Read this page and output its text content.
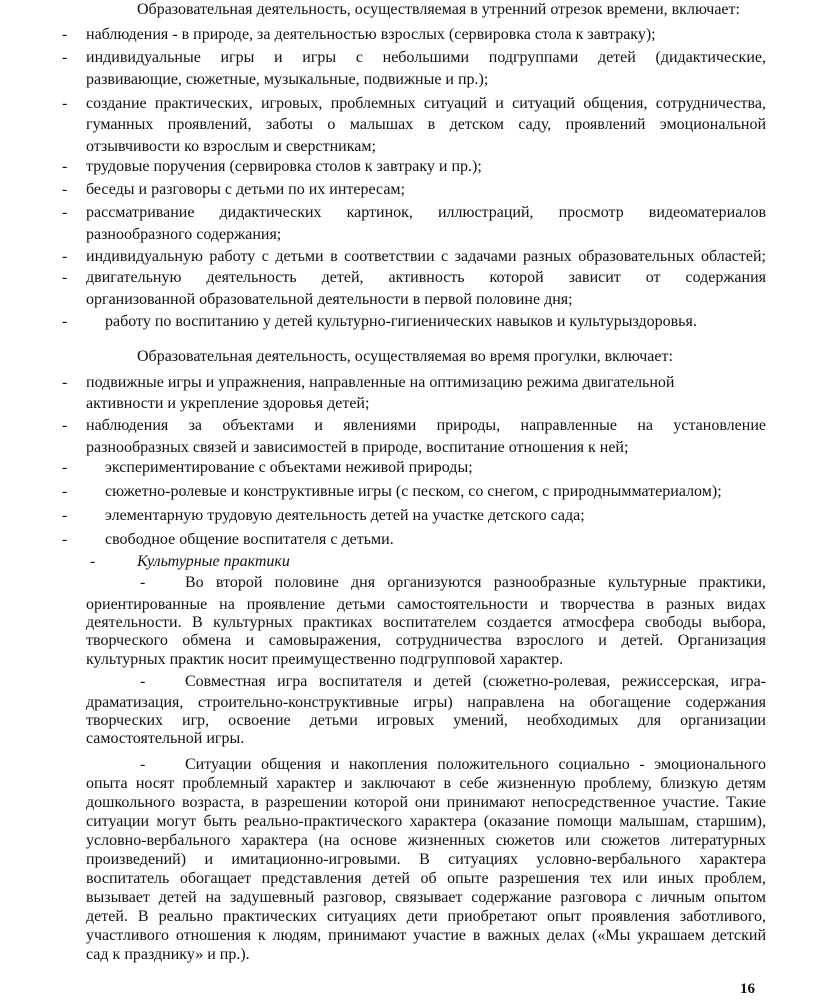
Образовательная деятельность, осуществляемая в утренний отрезок времени, включает:
- наблюдения - в природе, за деятельностью взрослых (сервировка стола к завтраку);
- индивидуальные игры и игры с небольшими подгруппами детей (дидактические,
развивающие, сюжетные, музыкальные, подвижные и пр.);
- создание практических, игровых, проблемных ситуаций и ситуаций общения, сотрудничества,
гуманных проявлений, заботы о малышах в детском саду, проявлений эмоциональной
отзывчивости ко взрослым и сверстникам;
- трудовые поручения (сервировка столов к завтраку и пр.);
- беседы и разговоры с детьми по их интересам;
- рассматривание дидактических картинок, иллюстраций, просмотр видеоматериалов
разнообразного содержания;
- индивидуальную работу с детьми в соответствии с задачами разных образовательных областей;
- двигательную деятельность детей, активность которой зависит от содержания
организованной образовательной деятельности в первой половине дня;
- работу по воспитанию у детей культурно-гигиенических навыков и культурыздоровья.
Образовательная деятельность, осуществляемая во время прогулки, включает:
- подвижные игры и упражнения, направленные на оптимизацию режима двигательной
активности и укрепление здоровья детей;
- наблюдения за объектами и явлениями природы, направленные на установление
разнообразных связей и зависимостей в природе, воспитание отношения к ней;
- экспериментирование с объектами неживой природы;
- сюжетно-ролевые и конструктивные игры (с песком, со снегом, с природнымматериалом);
- элементарную трудовую деятельность детей на участке детского сада;
- свободное общение воспитателя с детьми.
-	Культурные практики
- Во второй половине дня организуются разнообразные культурные практики,
ориентированные на проявление детьми самостоятельности и творчества в разных видах
деятельности. В культурных практиках воспитателем создается атмосфера свободы выбора,
творческого обмена и самовыражения, сотрудничества взрослого и детей. Организация
культурных практик носит преимущественно подгрупповой характер.
- Совместная игра воспитателя и детей (сюжетно-ролевая, режиссерская, игра-
драматизация, строительно-конструктивные игры) направлена на обогащение содержания
творческих игр, освоение детьми игровых умений, необходимых для организации
самостоятельной игры.
- Ситуации общения и накопления положительного социально - эмоционального
опыта носят проблемный характер и заключают в себе жизненную проблему, близкую детям
дошкольного возраста, в разрешении которой они принимают непосредственное участие. Такие
ситуации могут быть реально-практического характера (оказание помощи малышам, старшим),
условно-вербального характера (на основе жизненных сюжетов или сюжетов литературных
произведений) и имитационно-игровыми. В ситуациях условно-вербального характера
воспитатель обогащает представления детей об опыте разрешения тех или иных проблем,
вызывает детей на задушевный разговор, связывает содержание разговора с личным опытом
детей. В реально практических ситуациях дети приобретают опыт проявления заботливого,
участливого отношения к людям, принимают участие в важных делах («Мы украшаем детский
сад к празднику» и пр.).
16
